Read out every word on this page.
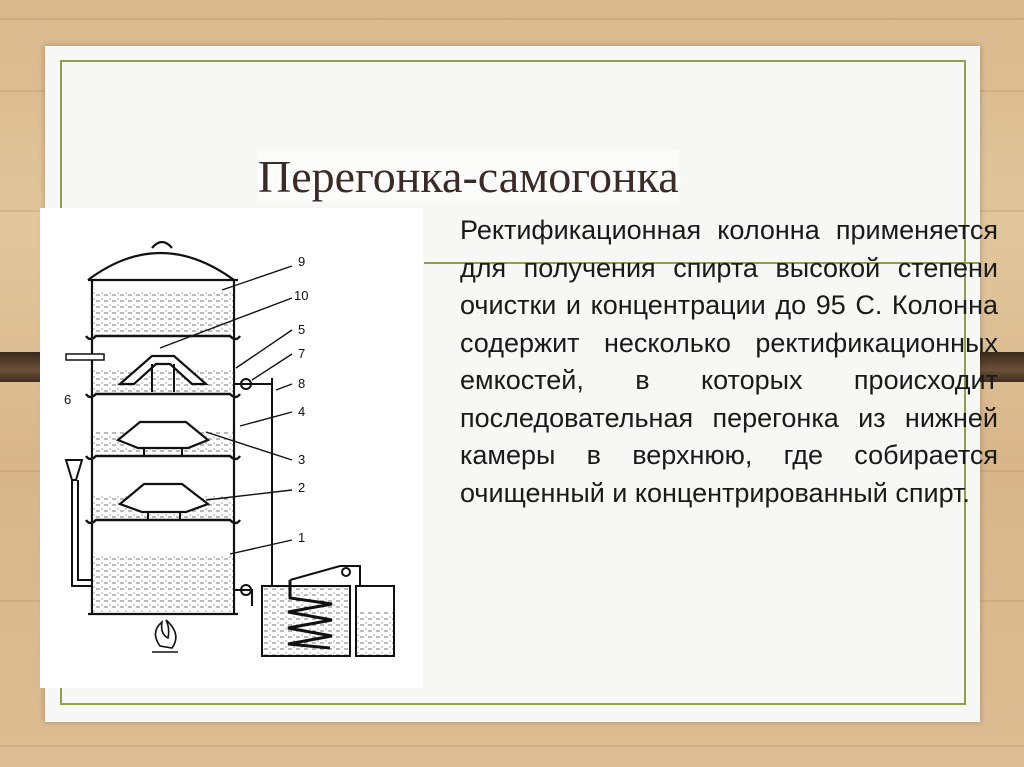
Перегонка-самогонка
9
10
5
7
8
4
3
2
1
6

Ректификационная колонна применяется для получения спирта высокой степени очистки и концентрации до 95 С. Колонна содержит несколько ректификационных емкостей, в которых происходит последовательная перегонка из нижней камеры в верхнюю, где собирается очищенный и концентрированный спирт.
